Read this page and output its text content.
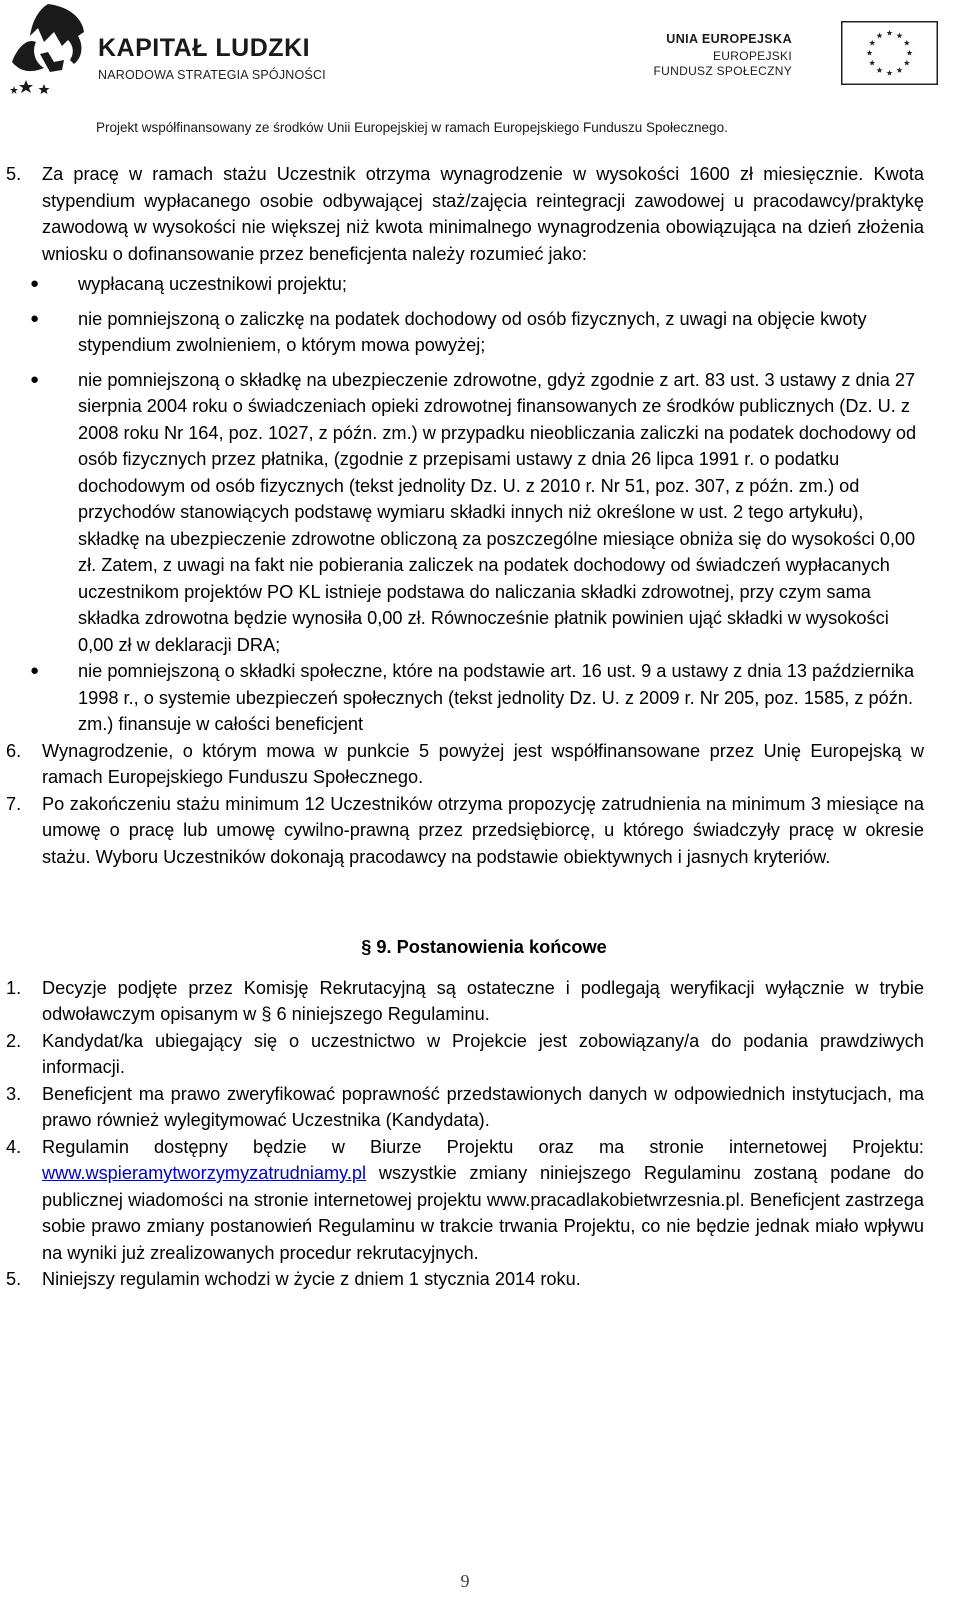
KAPITAŁ LUDZKI
NARODOWA STRATEGIA SPÓJNOŚCI
UNIA EUROPEJSKA
EUROPEJSKI
FUNDUSZ SPOŁECZNY
Projekt współfinansowany ze środków Unii Europejskiej w ramach Europejskiego Funduszu Społecznego.
5. Za pracę w ramach stażu Uczestnik otrzyma wynagrodzenie w wysokości 1600 zł miesięcznie. Kwota stypendium wypłacanego osobie odbywającej staż/zajęcia reintegracji zawodowej u pracodawcy/praktykę zawodową w wysokości nie większej niż kwota minimalnego wynagrodzenia obowiązująca na dzień złożenia wniosku o dofinansowanie przez beneficjenta należy rozumieć jako:
● wypłacaną uczestnikowi projektu;
● nie pomniejszoną o zaliczkę na podatek dochodowy od osób fizycznych, z uwagi na objęcie kwoty stypendium zwolnieniem, o którym mowa powyżej;
● nie pomniejszoną o składkę na ubezpieczenie zdrowotne, gdyż zgodnie z art. 83 ust. 3 ustawy z dnia 27 sierpnia 2004 roku o świadczeniach opieki zdrowotnej finansowanych ze środków publicznych (Dz. U. z 2008 roku Nr 164, poz. 1027, z późn. zm.) w przypadku nieobliczania zaliczki na podatek dochodowy od osób fizycznych przez płatnika, (zgodnie z przepisami ustawy z dnia 26 lipca 1991 r. o podatku dochodowym od osób fizycznych (tekst jednolity Dz. U. z 2010 r. Nr 51, poz. 307, z późn. zm.) od przychodów stanowiących podstawę wymiaru składki innych niż określone w ust. 2 tego artykułu), składkę na ubezpieczenie zdrowotne obliczoną za poszczególne miesiące obniża się do wysokości 0,00 zł. Zatem, z uwagi na fakt nie pobierania zaliczek na podatek dochodowy od świadczeń wypłacanych uczestnikom projektów PO KL istnieje podstawa do naliczania składki zdrowotnej, przy czym sama składka zdrowotna będzie wynosiła 0,00 zł. Równocześnie płatnik powinien ująć składki w wysokości 0,00 zł w deklaracji DRA;
● nie pomniejszoną o składki społeczne, które na podstawie art. 16 ust. 9 a ustawy z dnia 13 października 1998 r., o systemie ubezpieczeń społecznych (tekst jednolity Dz. U. z 2009 r. Nr 205, poz. 1585, z późn. zm.) finansuje w całości beneficjent
6. Wynagrodzenie, o którym mowa w punkcie 5 powyżej jest współfinansowane przez Unię Europejską w ramach Europejskiego Funduszu Społecznego.
7. Po zakończeniu stażu minimum 12 Uczestników otrzyma propozycję zatrudnienia na minimum 3 miesiące na umowę o pracę lub umowę cywilno-prawną przez przedsiębiorcę, u którego świadczyły pracę w okresie stażu. Wyboru Uczestników dokonają pracodawcy na podstawie obiektywnych i jasnych kryteriów.
§ 9. Postanowienia końcowe
1. Decyzje podjęte przez Komisję Rekrutacyjną są ostateczne i podlegają weryfikacji wyłącznie w trybie odwoławczym opisanym w § 6 niniejszego Regulaminu.
2. Kandydat/ka ubiegający się o uczestnictwo w Projekcie jest zobowiązany/a do podania prawdziwych informacji.
3. Beneficjent ma prawo zweryfikować poprawność przedstawionych danych w odpowiednich instytucjach, ma prawo również wylegitymować Uczestnika (Kandydata).
4. Regulamin dostępny będzie w Biurze Projektu oraz ma stronie internetowej Projektu: www.wspieramytworzymyzatrudniamy.pl wszystkie zmiany niniejszego Regulaminu zostaną podane do publicznej wiadomości na stronie internetowej projektu www.pracadlakobietwrzesnia.pl. Beneficjent zastrzega sobie prawo zmiany postanowień Regulaminu w trakcie trwania Projektu, co nie będzie jednak miało wpływu na wyniki już zrealizowanych procedur rekrutacyjnych.
5. Niniejszy regulamin wchodzi w życie z dniem 1 stycznia 2014 roku.
9
